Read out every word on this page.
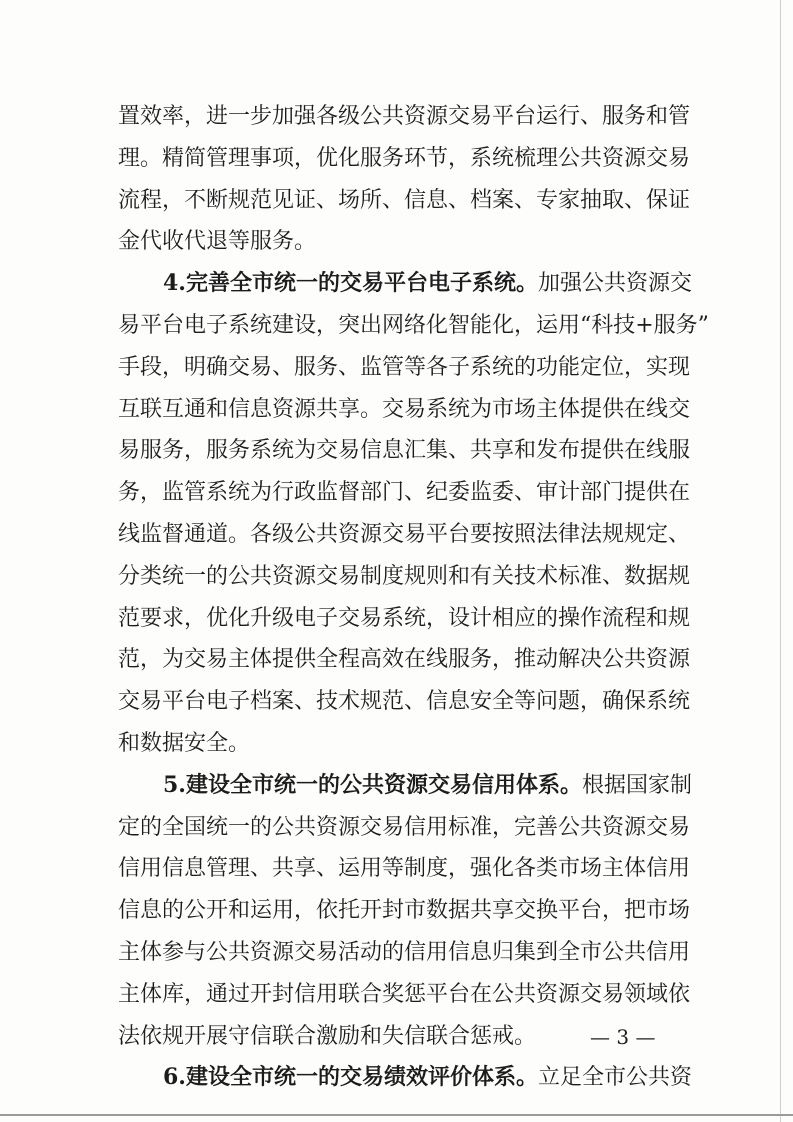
置效率，进一步加强各级公共资源交易平台运行、服务和管
理。精简管理事项，优化服务环节，系统梳理公共资源交易
流程，不断规范见证、场所、信息、档案、专家抽取、保证
金代收代退等服务。
4.完善全市统一的交易平台电子系统。加强公共资源交
易平台电子系统建设，突出网络化智能化，运用“科技+服务”
手段，明确交易、服务、监管等各子系统的功能定位，实现
互联互通和信息资源共享。交易系统为市场主体提供在线交
易服务，服务系统为交易信息汇集、共享和发布提供在线服
务，监管系统为行政监督部门、纪委监委、审计部门提供在
线监督通道。各级公共资源交易平台要按照法律法规规定、
分类统一的公共资源交易制度规则和有关技术标准、数据规
范要求，优化升级电子交易系统，设计相应的操作流程和规
范，为交易主体提供全程高效在线服务，推动解决公共资源
交易平台电子档案、技术规范、信息安全等问题，确保系统
和数据安全。
5.建设全市统一的公共资源交易信用体系。根据国家制
定的全国统一的公共资源交易信用标准，完善公共资源交易
信用信息管理、共享、运用等制度，强化各类市场主体信用
信息的公开和运用，依托开封市数据共享交换平台，把市场
主体参与公共资源交易活动的信用信息归集到全市公共信用
主体库，通过开封信用联合奖惩平台在公共资源交易领域依
法依规开展守信联合激励和失信联合惩戒。
6.建设全市统一的交易绩效评价体系。立足全市公共资
— 3 —
